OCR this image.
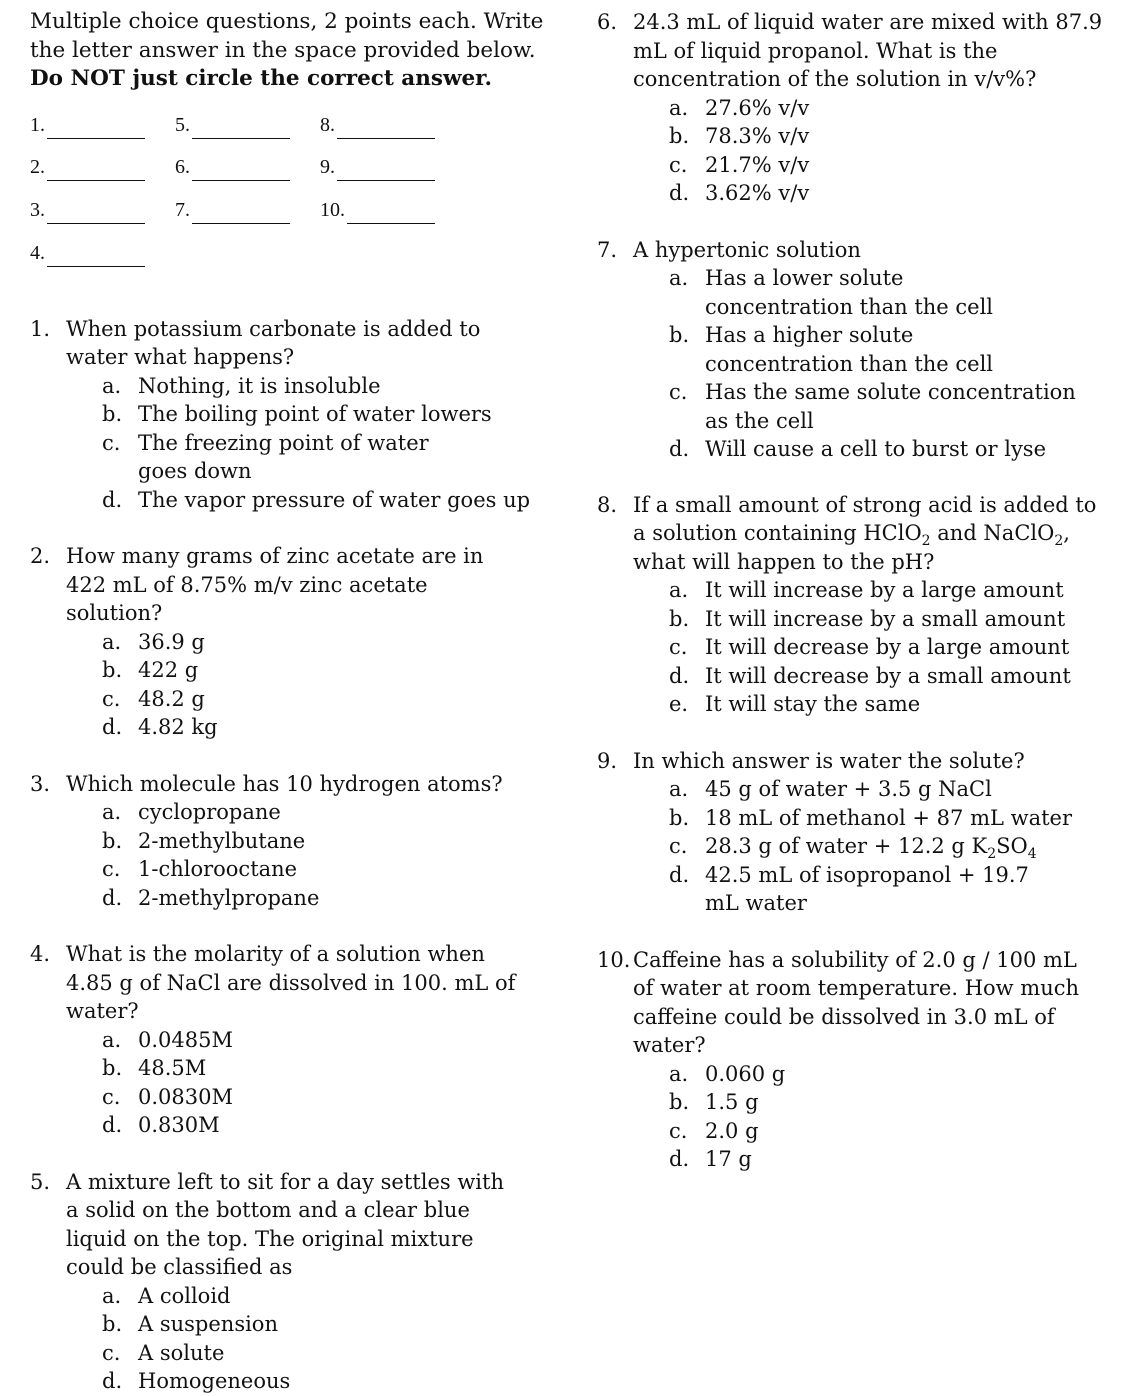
Multiple choice questions, 2 points each. Write
the letter answer in the space provided below.
Do NOT just circle the correct answer.
1.
2.
3.
4.
5.
6.
7.
8.
9.
10.
1. When potassium carbonate is added to water what happens?
a. Nothing, it is insoluble
b. The boiling point of water lowers
c. The freezing point of water goes down
d. The vapor pressure of water goes up
2. How many grams of zinc acetate are in 422 mL of 8.75% m/v zinc acetate solution?
a. 36.9 g
b. 422 g
c. 48.2 g
d. 4.82 kg
3. Which molecule has 10 hydrogen atoms?
a. cyclopropane
b. 2-methylbutane
c. 1-chlorooctane
d. 2-methylpropane
4. What is the molarity of a solution when 4.85 g of NaCl are dissolved in 100. mL of water?
a. 0.0485M
b. 48.5M
c. 0.0830M
d. 0.830M
5. A mixture left to sit for a day settles with a solid on the bottom and a clear blue liquid on the top. The original mixture could be classified as
a. A colloid
b. A suspension
c. A solute
d. Homogeneous
6. 24.3 mL of liquid water are mixed with 87.9 mL of liquid propanol. What is the concentration of the solution in v/v%?
a. 27.6% v/v
b. 78.3% v/v
c. 21.7% v/v
d. 3.62% v/v
7. A hypertonic solution
a. Has a lower solute concentration than the cell
b. Has a higher solute concentration than the cell
c. Has the same solute concentration as the cell
d. Will cause a cell to burst or lyse
8. If a small amount of strong acid is added to a solution containing HClO$_2$ and NaClO$_2$,
what will happen to the pH?
a. It will increase by a large amount
b. It will increase by a small amount
c. It will decrease by a large amount
d. It will decrease by a small amount
e. It will stay the same
9. In which answer is water the solute?
a. 45 g of water + 3.5 g NaCl
b. 18 mL of methanol + 87 mL water
c. 28.3 g of water + 12.2 g $K_2SO_4$
d. 42.5 mL of isopropanol + 19.7 mL water
10. Caffeine has a solubility of 2.0 g / 100 mL of water at room temperature. How much caffeine could be dissolved in 3.0 mL of water?
a. 0.060 g
b. 1.5 g
c. 2.0 g
d. 17 g
